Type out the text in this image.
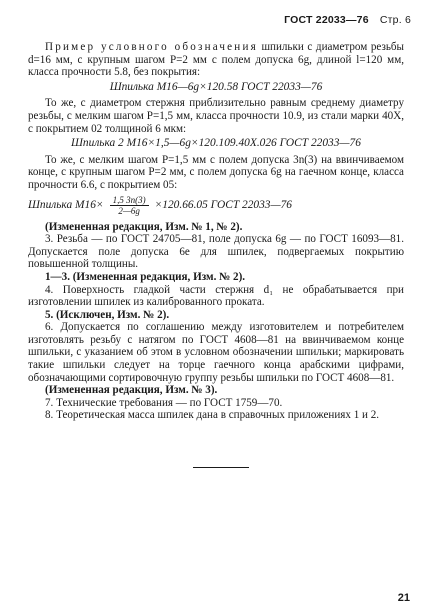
ГОСТ 22033—76 Стр. 6

Пример условного обозначения шпильки с диаметром резьбы d=16 мм, с крупным шагом P=2 мм с полем допуска 6g, длиной l=120 мм, класса прочности 5.8, без покрытия:

Шпилька М16—6g×120.58 ГОСТ 22033—76

То же, с диаметром стержня приблизительно равным среднему диаметру резьбы, с мелким шагом P=1,5 мм, класса прочности 10.9, из стали марки 40Х, с покрытием 02 толщиной 6 мкм:

Шпилька 2 М16×1,5—6g×120.109.40Х.026 ГОСТ 22033—76

То же, с мелким шагом P=1,5 мм с полем допуска 3n(3) на ввинчиваемом конце, с крупным шагом P=2 мм, с полем допуска 6g на гаечном конце, класса прочности 6.6, с покрытием 05:

Шпилька $М16\times \frac{1,5 3n(3)}{2—6g} \times 120.66.05$ ГОСТ 22033—76

(Измененная редакция, Изм. № 1, № 2).

3. Резьба — по ГОСТ 24705—81, поле допуска 6g — по ГОСТ 16093—81. Допускается поле допуска 6е для шпилек, подвергаемых покрытию повышенной толщины.

1—3. (Измененная редакция, Изм. № 2).

4. Поверхность гладкой части стержня d₁ не обрабатывается при изготовлении шпилек из калиброванного проката.

5. (Исключен, Изм. № 2).

6. Допускается по соглашению между изготовителем и потребителем изготовлять резьбу с натягом по ГОСТ 4608—81 на ввинчиваемом конце шпильки, с указанием об этом в условном обозначении шпильки; маркировать такие шпильки следует на торце гаечного конца арабскими цифрами, обозначающими сортировочную группу резьбы шпильки по ГОСТ 4608—81.

(Измененная редакция, Изм. № 3).

7. Технические требования — по ГОСТ 1759—70.

8. Теоретическая масса шпилек дана в справочных приложениях 1 и 2.

21
